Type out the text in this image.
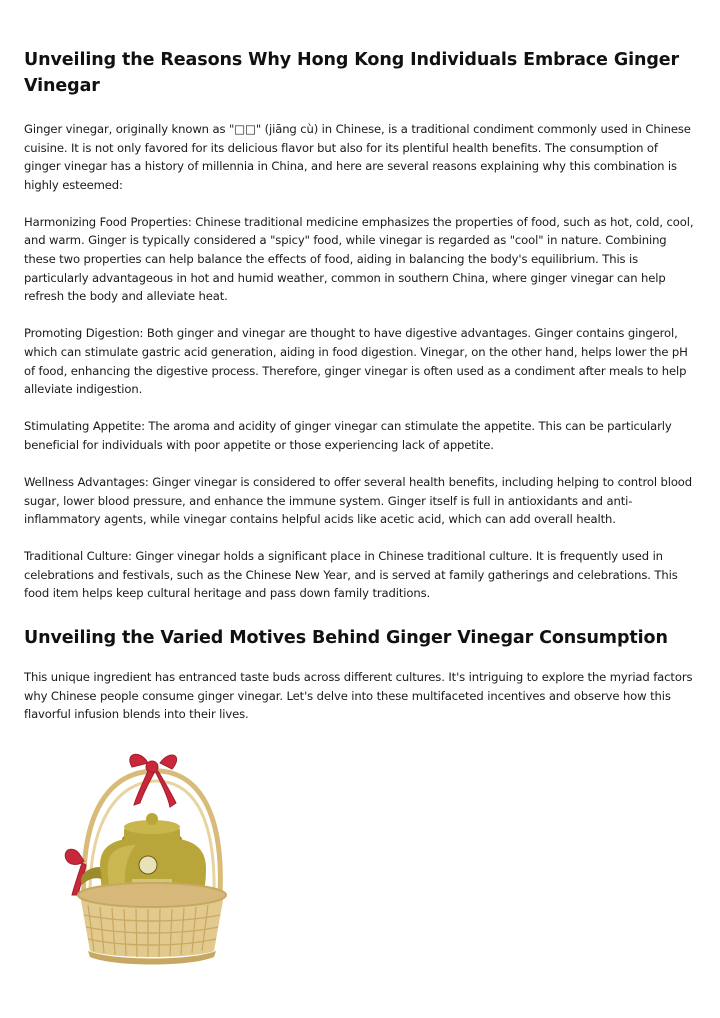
Unveiling the Reasons Why Hong Kong Individuals Embrace Ginger Vinegar

Ginger vinegar, originally known as "□□" (jiāng cù) in Chinese, is a traditional condiment commonly used in Chinese cuisine. It is not only favored for its delicious flavor but also for its plentiful health benefits. The consumption of ginger vinegar has a history of millennia in China, and here are several reasons explaining why this combination is highly esteemed:

Harmonizing Food Properties: Chinese traditional medicine emphasizes the properties of food, such as hot, cold, cool, and warm. Ginger is typically considered a "spicy" food, while vinegar is regarded as "cool" in nature. Combining these two properties can help balance the effects of food, aiding in balancing the body's equilibrium. This is particularly advantageous in hot and humid weather, common in southern China, where ginger vinegar can help refresh the body and alleviate heat.

Promoting Digestion: Both ginger and vinegar are thought to have digestive advantages. Ginger contains gingerol, which can stimulate gastric acid generation, aiding in food digestion. Vinegar, on the other hand, helps lower the pH of food, enhancing the digestive process. Therefore, ginger vinegar is often used as a condiment after meals to help alleviate indigestion.

Stimulating Appetite: The aroma and acidity of ginger vinegar can stimulate the appetite. This can be particularly beneficial for individuals with poor appetite or those experiencing lack of appetite.

Wellness Advantages: Ginger vinegar is considered to offer several health benefits, including helping to control blood sugar, lower blood pressure, and enhance the immune system. Ginger itself is full in antioxidants and anti-inflammatory agents, while vinegar contains helpful acids like acetic acid, which can add overall health.

Traditional Culture: Ginger vinegar holds a significant place in Chinese traditional culture. It is frequently used in celebrations and festivals, such as the Chinese New Year, and is served at family gatherings and celebrations. This food item helps keep cultural heritage and pass down family traditions.

Unveiling the Varied Motives Behind Ginger Vinegar Consumption

This unique ingredient has entranced taste buds across different cultures. It's intriguing to explore the myriad factors why Chinese people consume ginger vinegar. Let's delve into these multifaceted incentives and observe how this flavorful infusion blends into their lives.
